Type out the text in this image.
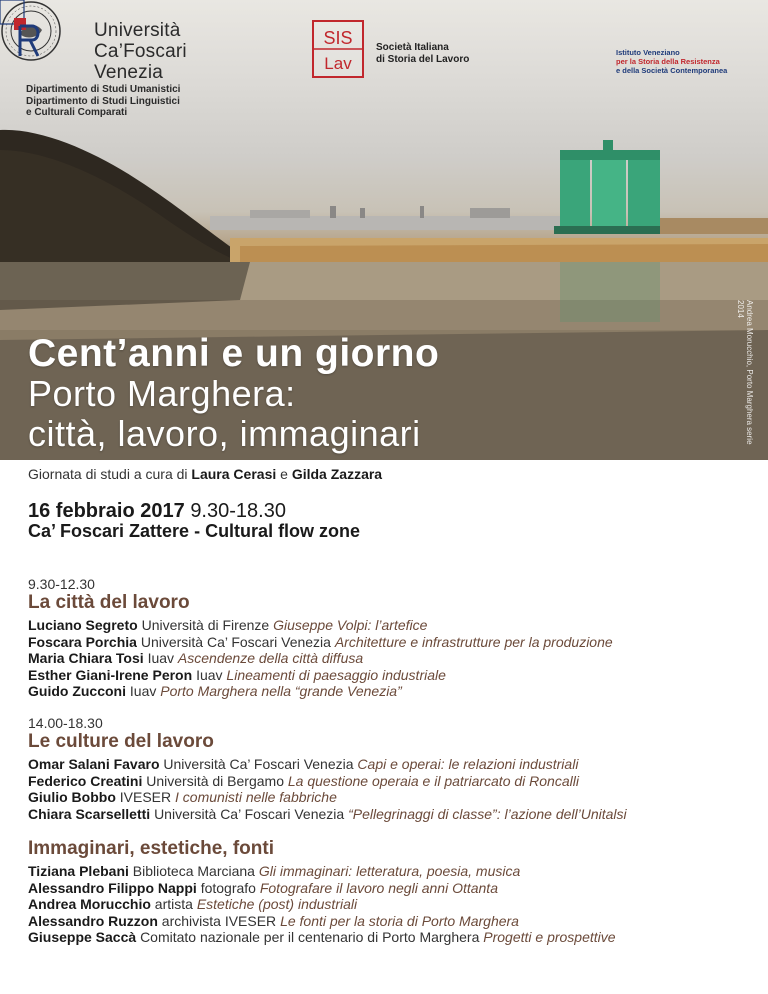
Università
Ca’Foscari
Venezia
Dipartimento di Studi Umanistici
Dipartimento di Studi Linguistici
e Culturali Comparati
SIS
Lav
Società Italiana
di Storia del Lavoro
Istituto Veneziano
per la Storia della Resistenza
e della Società Contemporanea
Andrea Morucchio, Porto Marghera serie 2014
Cent’anni e un giorno
Porto Marghera:
città, lavoro, immaginari
Giornata di studi a cura di Laura Cerasi e Gilda Zazzara
16 febbraio 2017 9.30-18.30
Ca’ Foscari Zattere - Cultural flow zone
9.30-12.30
La città del lavoro
Luciano Segreto Università di Firenze Giuseppe Volpi: l’artefice
Foscara Porchia Università Ca’ Foscari Venezia Architetture e infrastrutture per la produzione
Maria Chiara Tosi Iuav Ascendenze della città diffusa
Esther Giani-Irene Peron Iuav Lineamenti di paesaggio industriale
Guido Zucconi Iuav Porto Marghera nella “grande Venezia”
14.00-18.30
Le culture del lavoro
Omar Salani Favaro Università Ca’ Foscari Venezia Capi e operai: le relazioni industriali
Federico Creatini Università di Bergamo La questione operaia e il patriarcato di Roncalli
Giulio Bobbo IVESER I comunisti nelle fabbriche
Chiara Scarselletti Università Ca’ Foscari Venezia “Pellegrinaggi di classe”: l’azione dell’Unitalsi
Immaginari, estetiche, fonti
Tiziana Plebani Biblioteca Marciana Gli immaginari: letteratura, poesia, musica
Alessandro Filippo Nappi fotografo Fotografare il lavoro negli anni Ottanta
Andrea Morucchio artista Estetiche (post) industriali
Alessandro Ruzzon archivista IVESER Le fonti per la storia di Porto Marghera
Giuseppe Saccà Comitato nazionale per il centenario di Porto Marghera Progetti e prospettive
